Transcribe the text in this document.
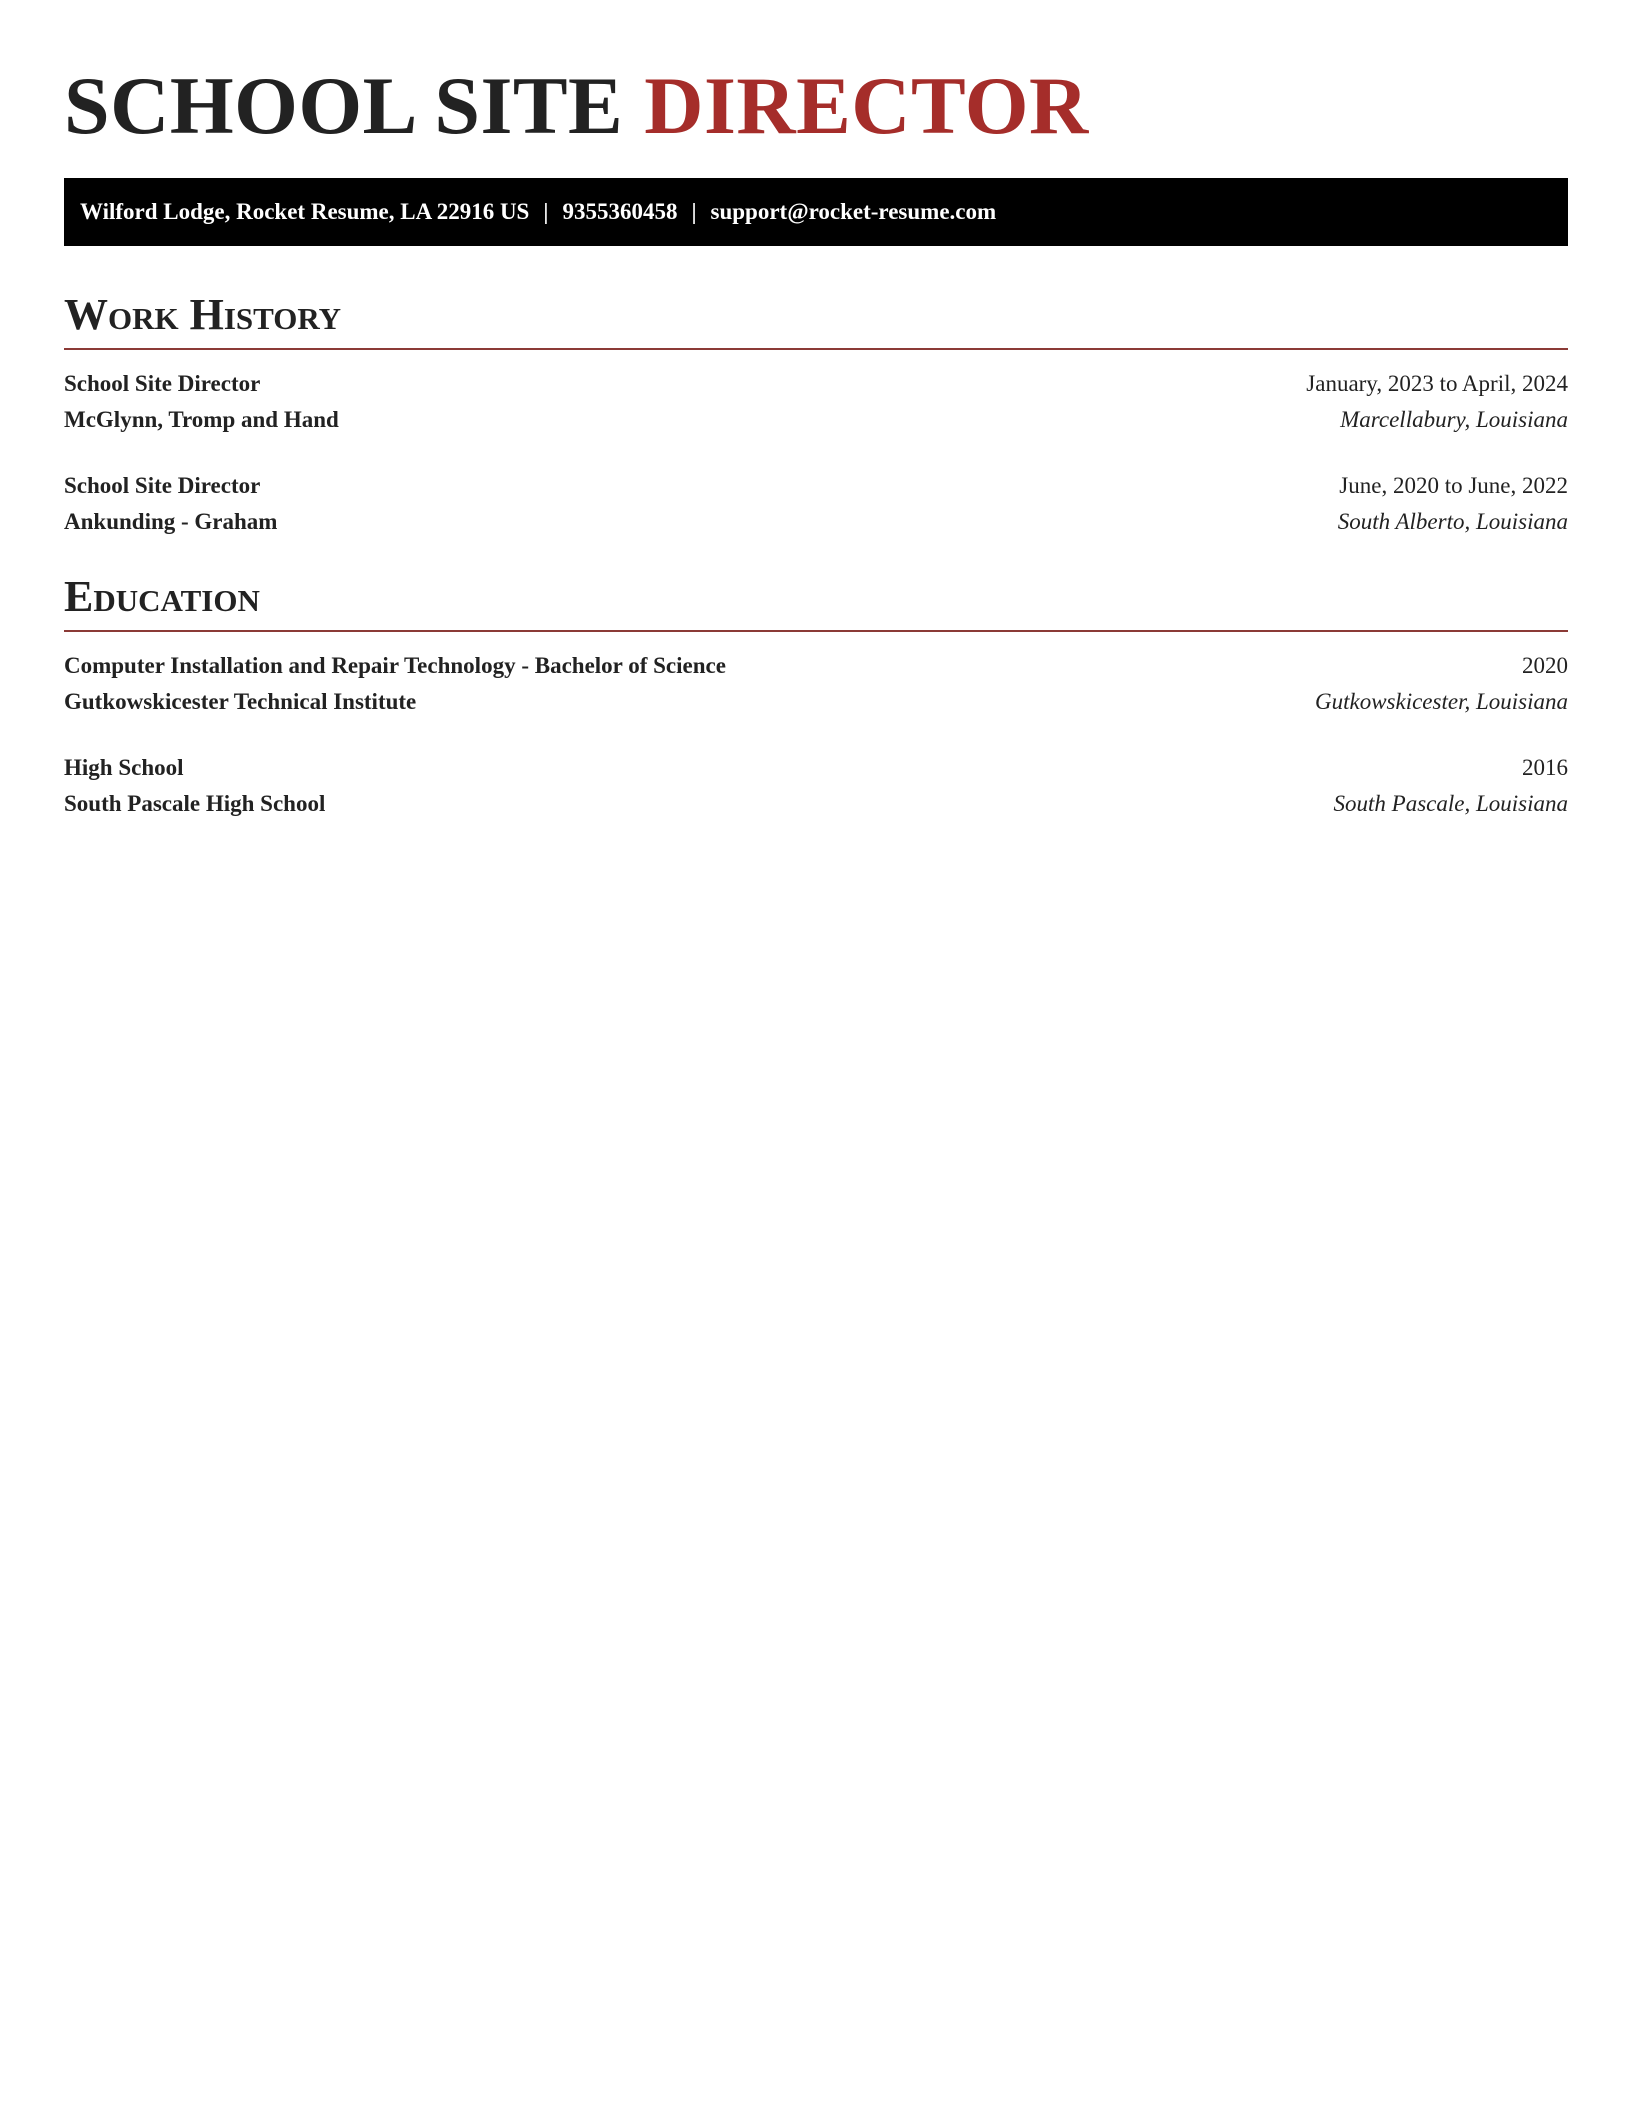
SCHOOL SITE DIRECTOR
Wilford Lodge, Rocket Resume, LA 22916 US | 9355360458 | support@rocket-resume.com
Work History
School Site Director	January, 2023 to April, 2024
McGlynn, Tromp and Hand	Marcellabury, Louisiana
School Site Director	June, 2020 to June, 2022
Ankunding - Graham	South Alberto, Louisiana
Education
Computer Installation and Repair Technology - Bachelor of Science	2020
Gutkowskicester Technical Institute	Gutkowskicester, Louisiana
High School	2016
South Pascale High School	South Pascale, Louisiana
